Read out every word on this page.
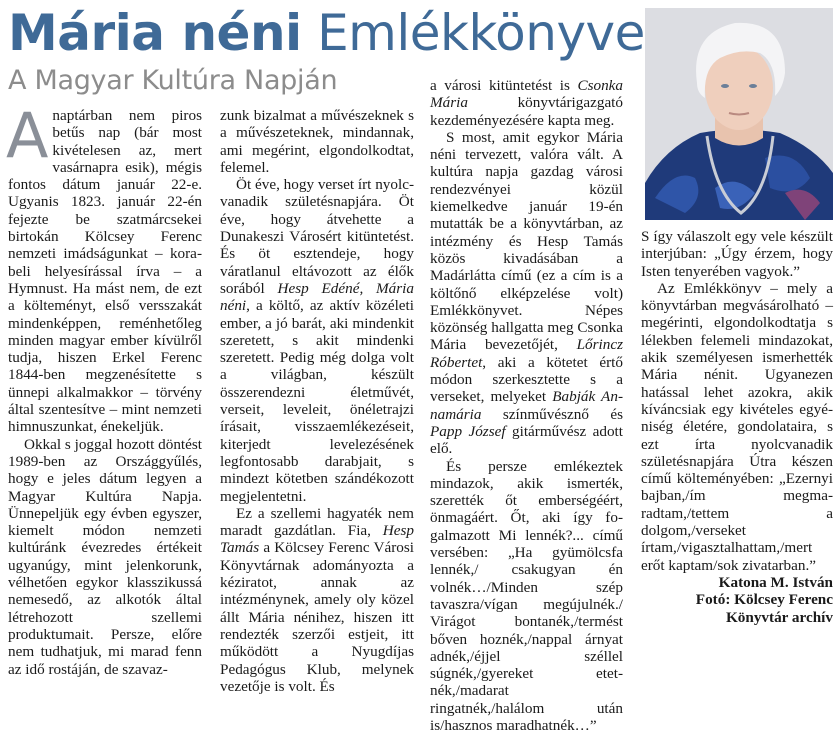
Mária néni Emlékkönyve
A Magyar Kultúra Napján

Anaptárban nem piros betűs nap (bár most kivételesen az, mert vasárnapra esik), mégis fontos dátum január 22-e. Ugyanis 1823. január 22-én fejezte be szatmárcsekei birtokán Kölcsey Ferenc nemzeti imádságunkat – korabeli helyesírással írva – a Hymnust. Ha mást nem, de ezt a költeményt, első versszakát mindenképpen, reménhetőleg minden magyar ember kívülről tudja, hiszen Erkel Ferenc 1844-ben megzenésítette s ünnepi alkalmakkor – törvény által szentesítve – mint nemzeti himnuszunkat, énekeljük.

Okkal s joggal hozott döntést 1989-ben az Országgyűlés, hogy e jeles dátum legyen a Magyar Kultúra Napja. Ünnepeljük egy évben egyszer, kiemelt módon nemzeti kultúránk évezredes értékeit ugyanúgy, mint jelenkorunk, vélhetően egykor klasszikussá nemesedő, az alkotók által létrehozott szellemi produktumait. Persze, előre nem tudhatjuk, mi marad fenn az idő rostáján, de szavaz-

zunk bizalmat a művészeknek s a művészeteknek, mindannak, ami megérint, elgondolkodtat, felemel.

Öt éve, hogy verset írt nyolcvanadik születésnapjára. Öt éve, hogy átvehette a Dunakeszi Városért kitüntetést. És öt esztendeje, hogy váratlanul eltávozott az élők sorából Hesp Edéné, Mária néni, a költő, az aktív közéleti ember, a jó barát, aki mindenkit szeretett, s akit mindenki szeretett. Pedig még dolga volt a világban, készült összerendezni életművét, verseit, leveleit, önéletrajzi írásait, visszaemlékezéseit, kiterjedt levelezésének legfontosabb darabjait, s mindezt kötetben szándékozott megjelentetni.

Ez a szellemi hagyaték nem maradt gazdátlan. Fia, Hesp Tamás a Kölcsey Ferenc Városi Könyvtárnak adományozta a kéziratot, annak az intézménynek, amely oly közel állt Mária nénihez, hiszen itt rendezték szerzői estjeit, itt működött a Nyugdíjas Pedagógus Klub, melynek vezetője is volt. És

a városi kitüntetést is Csonka Mária könyvtárigazgató kezdeményezésére kapta meg.

S most, amit egykor Mária néni tervezett, valóra vált. A kultúra napja gazdag városi rendezvényei közül kiemelkedve január 19-én mutatták be a könyvtárban, az intézmény és Hesp Tamás közös kivadásában a Madárlátta című (ez a cím is a költőnő elképzelése volt) Emlékkönyvet. Népes közönség hallgatta meg Csonka Mária bevezetőjét, Lőrincz Róbertet, aki a kötetet értő módon szerkesztette s a verseket, melyeket Babják Annamária színművésznő és Papp József gitárművész adott elő.

És persze emlékeztek mindazok, akik ismerték, szerették őt emberségéért, önmagáért. Őt, aki így fogalmazott Mi lennék?... című versében: „Ha gyümölcsfa lennék,/ csakugyan én volnék…/Minden szép tavaszra/vígan megújulnék./ Virágot bontanék,/termést bőven hoznék,/nappal árnyat adnék,/éjjel széllel súgnék,/gyereket etetnék,/madarat ringatnék,/halálom után is/hasznos maradhatnék…”

S így válaszolt egy vele készült interjúban: „Úgy érzem, hogy Isten tenyerében vagyok.”

Az Emlékkönyv – mely a könyvtárban megvásárolható – megérinti, elgondolkodtatja s lélekben felemeli mindazokat, akik személyesen ismerhették Mária nénit. Ugyanezen hatással lehet azokra, akik kíváncsiak egy kivételes egyéniség életére, gondolataira, s ezt írta nyolcvanadik születésnapjára Útra készen című költeményében: „Ezernyi bajban,/ím megmaradtam,/tettem a dolgom,/verseket írtam,/vigasztalhattam,/mert erőt kaptam/sok zivatarban.”

Katona M. István

Fotó: Kölcsey Ferenc

Könyvtár archív
